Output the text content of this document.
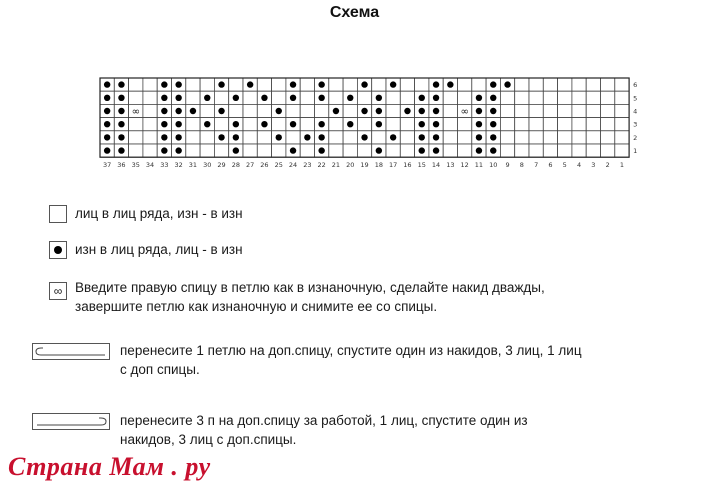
Схема
∞	∞
37 36 35 34 33 32 31 30 29 28 27 26 25 24 23 22 21 20 19 18 17 16 15 14 13 12 11 10 9 8 7 6 5 4 3 2 1
6
5
4
3
2
1
лиц в лиц ряда, изн - в изн
изн в лиц ряда, лиц - в изн
∞ Введите правую спицу в петлю как в изнаночную, сделайте накид дважды,
завершите петлю как изнаночную и снимите ее со спицы.
перенесите 1 петлю на доп.спицу, спустите один из накидов, 3 лиц, 1 лиц
с доп спицы.
перенесите 3 п на доп.спицу за работой, 1 лиц, спустите один из
накидов, 3 лиц с доп.спицы.
Страна Мам . ру
